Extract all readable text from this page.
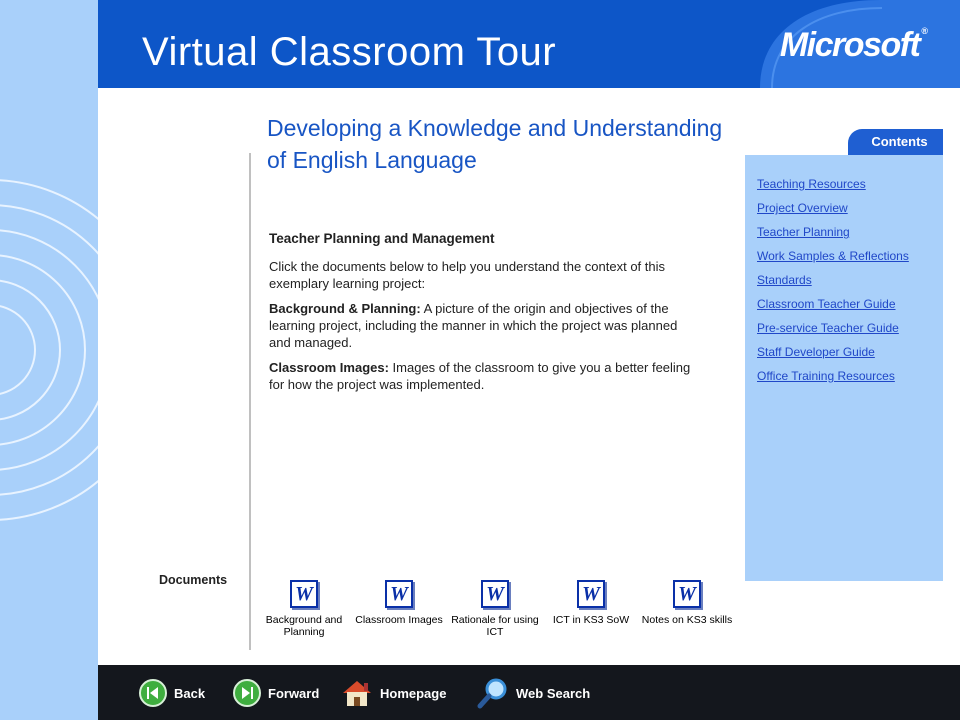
Virtual Classroom Tour	Microsoft ®
Developing a Knowledge and Understanding of English Language
Teacher Planning and Management

Click the documents below to help you understand the context of this exemplary learning project:

Background & Planning: A picture of the origin and objectives of the learning project, including the manner in which the project was planned and managed.

Classroom Images: Images of the classroom to give you a better feeling for how the project was implemented.

Contents
Teaching Resources
Project Overview
Teacher Planning
Work Samples & Reflections
Standards
Classroom Teacher Guide
Pre-service Teacher Guide
Staff Developer Guide
Office Training Resources
Documents
W
Background and Planning
W
Classroom Images
W
Rationale for using ICT
W
ICT in KS3 SoW
W
Notes on KS3 skills
Back	Forward	Homepage	Web Search
